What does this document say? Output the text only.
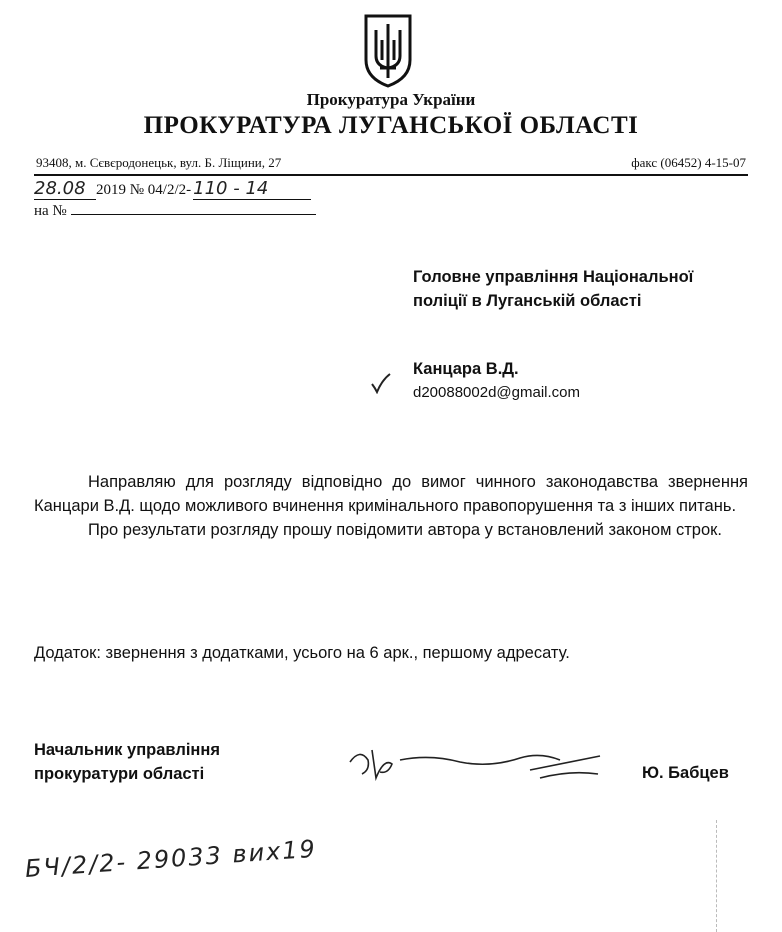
Прокуратура України
ПРОКУРАТУРА ЛУГАНСЬКОЇ ОБЛАСТІ
93408, м. Сєвєродонецьк, вул. Б. Ліщини, 27	факс (06452) 4-15-07
28.08 2019 № 04/2/2- 110 - 14
на №
Головне управління Національної
поліції в Луганській області
Канцара В.Д.
d20088002d@gmail.com

Направляю для розгляду відповідно до вимог чинного законодавства звернення Канцари В.Д. щодо можливого вчинення кримінального правопорушення та з інших питань.

Про результати розгляду прошу повідомити автора у встановлений законом строк.

Додаток: звернення з додатками, усього на 6 арк., першому адресату.
Начальник управління
прокуратури області	Ю. Бабцев
БЧ/2/2- 29033 вих19
